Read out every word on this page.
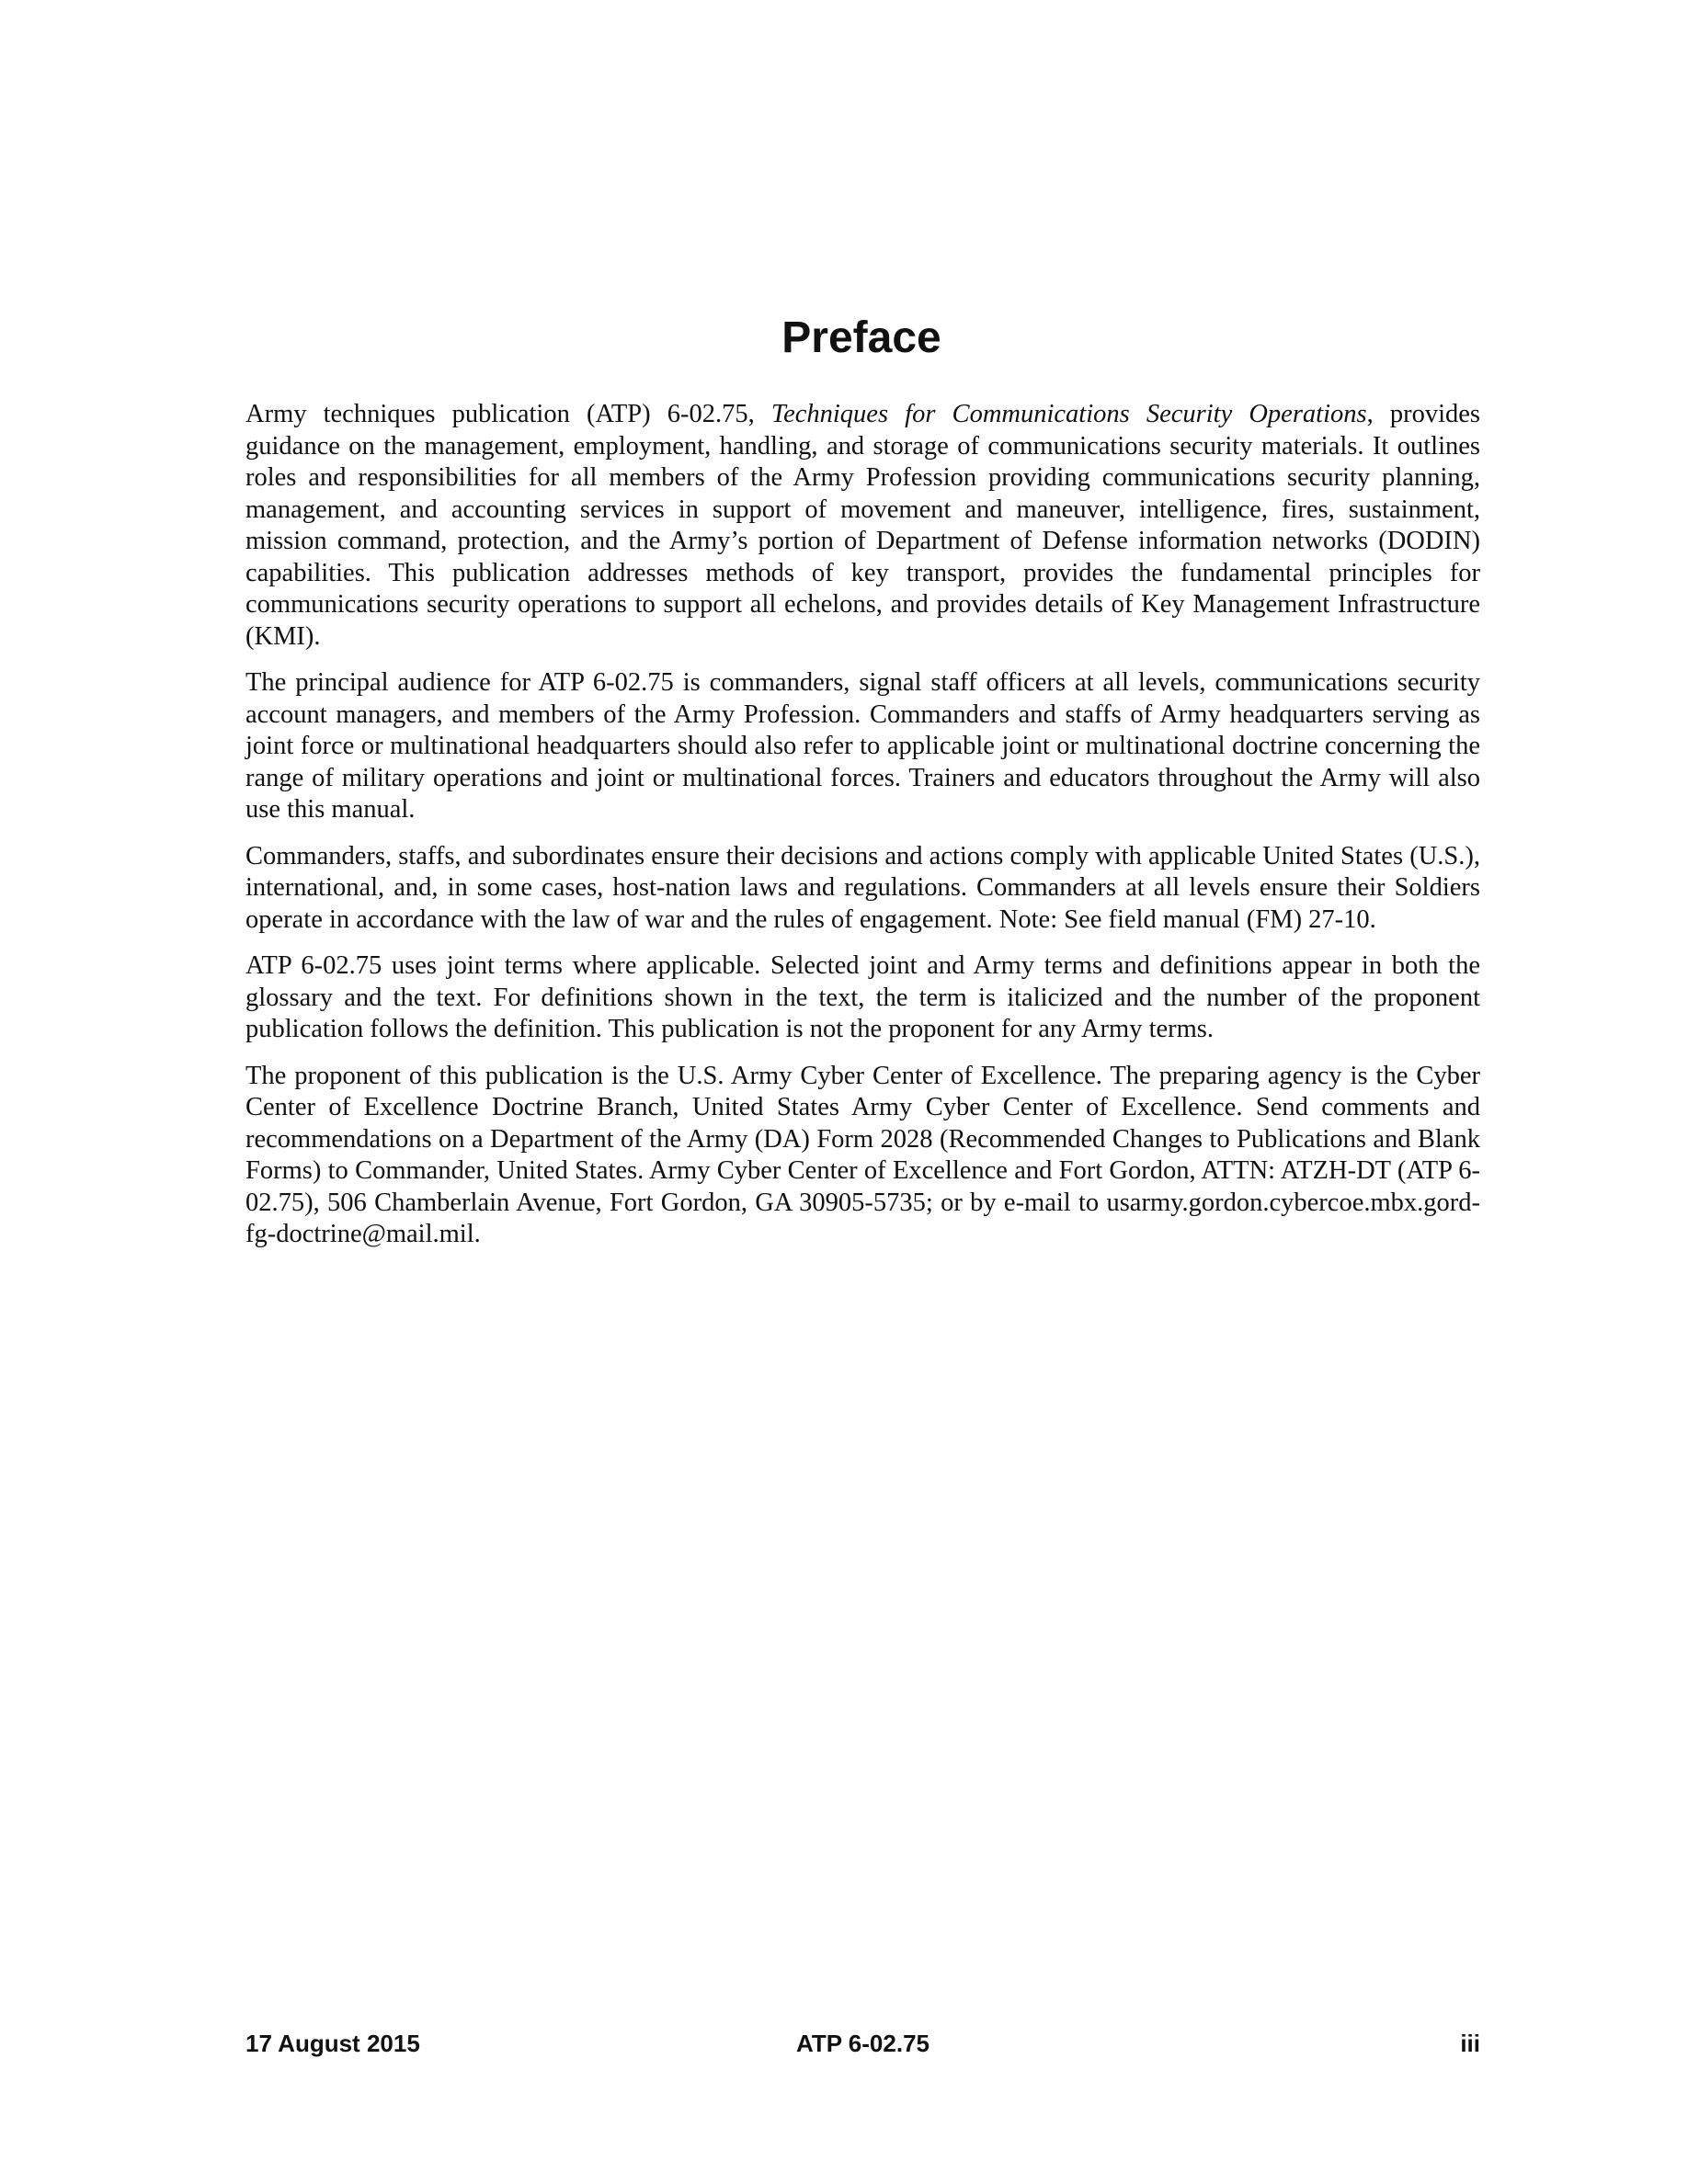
Preface

Army techniques publication (ATP) 6-02.75, Techniques for Communications Security Operations, provides guidance on the management, employment, handling, and storage of communications security materials. It outlines roles and responsibilities for all members of the Army Profession providing communications security planning, management, and accounting services in support of movement and maneuver, intelligence, fires, sustainment, mission command, protection, and the Army’s portion of Department of Defense information networks (DODIN) capabilities. This publication addresses methods of key transport, provides the fundamental principles for communications security operations to support all echelons, and provides details of Key Management Infrastructure (KMI).

The principal audience for ATP 6-02.75 is commanders, signal staff officers at all levels, communications security account managers, and members of the Army Profession. Commanders and staffs of Army headquarters serving as joint force or multinational headquarters should also refer to applicable joint or multinational doctrine concerning the range of military operations and joint or multinational forces. Trainers and educators throughout the Army will also use this manual.

Commanders, staffs, and subordinates ensure their decisions and actions comply with applicable United States (U.S.), international, and, in some cases, host-nation laws and regulations. Commanders at all levels ensure their Soldiers operate in accordance with the law of war and the rules of engagement. Note: See field manual (FM) 27-10.

ATP 6-02.75 uses joint terms where applicable. Selected joint and Army terms and definitions appear in both the glossary and the text. For definitions shown in the text, the term is italicized and the number of the proponent publication follows the definition. This publication is not the proponent for any Army terms.

The proponent of this publication is the U.S. Army Cyber Center of Excellence. The preparing agency is the Cyber Center of Excellence Doctrine Branch, United States Army Cyber Center of Excellence. Send comments and recommendations on a Department of the Army (DA) Form 2028 (Recommended Changes to Publications and Blank Forms) to Commander, United States. Army Cyber Center of Excellence and Fort Gordon, ATTN: ATZH-DT (ATP 6-02.75), 506 Chamberlain Avenue, Fort Gordon, GA 30905-5735; or by e-mail to usarmy.gordon.cybercoe.mbx.gord-fg-doctrine@mail.mil.

17 August 2015	ATP 6-02.75	iii
